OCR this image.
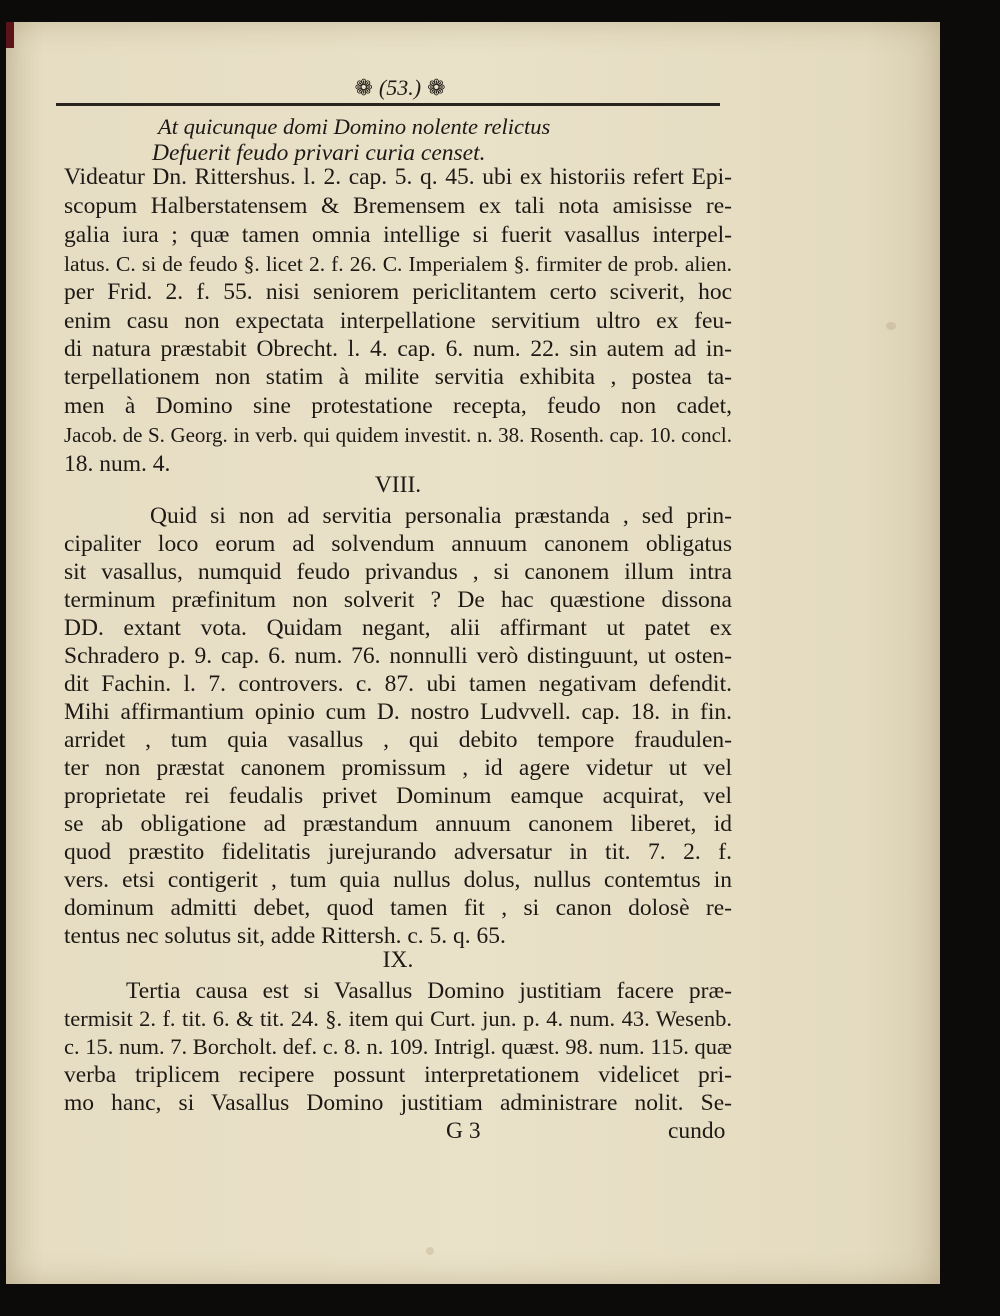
❁ (53.) ❁
At quicunque domi Domino nolente relictus
Defuerit feudo privari curia censet.
Videatur Dn. Rittershus. l. 2. cap. 5. q. 45. ubi ex historiis refert Epi-
scopum Halberstatensem & Bremensem ex tali nota amisisse re-
galia iura ; quæ tamen omnia intellige si fuerit vasallus interpel-
latus. C. si de feudo §. licet 2. f. 26. C. Imperialem §. firmiter de prob. alien.
per Frid. 2. f. 55. nisi seniorem periclitantem certo sciverit, hoc
enim casu non expectata interpellatione servitium ultro ex feu-
di natura præstabit Obrecht. l. 4. cap. 6. num. 22. sin autem ad in-
terpellationem non statim à milite servitia exhibita , postea ta-
men à Domino sine protestatione recepta, feudo non cadet,
Jacob. de S. Georg. in verb. qui quidem investit. n. 38. Rosenth. cap. 10. concl.
18. num. 4.
VIII.
Quid si non ad servitia personalia præstanda , sed prin-
cipaliter loco eorum ad solvendum annuum canonem obligatus
sit vasallus, numquid feudo privandus , si canonem illum intra
terminum præfinitum non solverit ? De hac quæstione dissona
DD. extant vota. Quidam negant, alii affirmant ut patet ex
Schradero p. 9. cap. 6. num. 76. nonnulli verò distinguunt, ut osten-
dit Fachin. l. 7. controvers. c. 87. ubi tamen negativam defendit.
Mihi affirmantium opinio cum D. nostro Ludvvell. cap. 18. in fin.
arridet , tum quia vasallus , qui debito tempore fraudulen-
ter non præstat canonem promissum , id agere videtur ut vel
proprietate rei feudalis privet Dominum eamque acquirat, vel
se ab obligatione ad præstandum annuum canonem liberet, id
quod præstito fidelitatis jurejurando adversatur in tit. 7. 2. f.
vers. etsi contigerit , tum quia nullus dolus, nullus contemtus in
dominum admitti debet, quod tamen fit , si canon dolosè re-
tentus nec solutus sit, adde Rittersh. c. 5. q. 65.
IX.
Tertia causa est si Vasallus Domino justitiam facere præ-
termisit 2. f. tit. 6. & tit. 24. §. item qui Curt. jun. p. 4. num. 43. Wesenb.
c. 15. num. 7. Borcholt. def. c. 8. n. 109. Intrigl. quæst. 98. num. 115. quæ
verba triplicem recipere possunt interpretationem videlicet pri-
mo hanc, si Vasallus Domino justitiam administrare nolit. Se-
G 3	cundo
